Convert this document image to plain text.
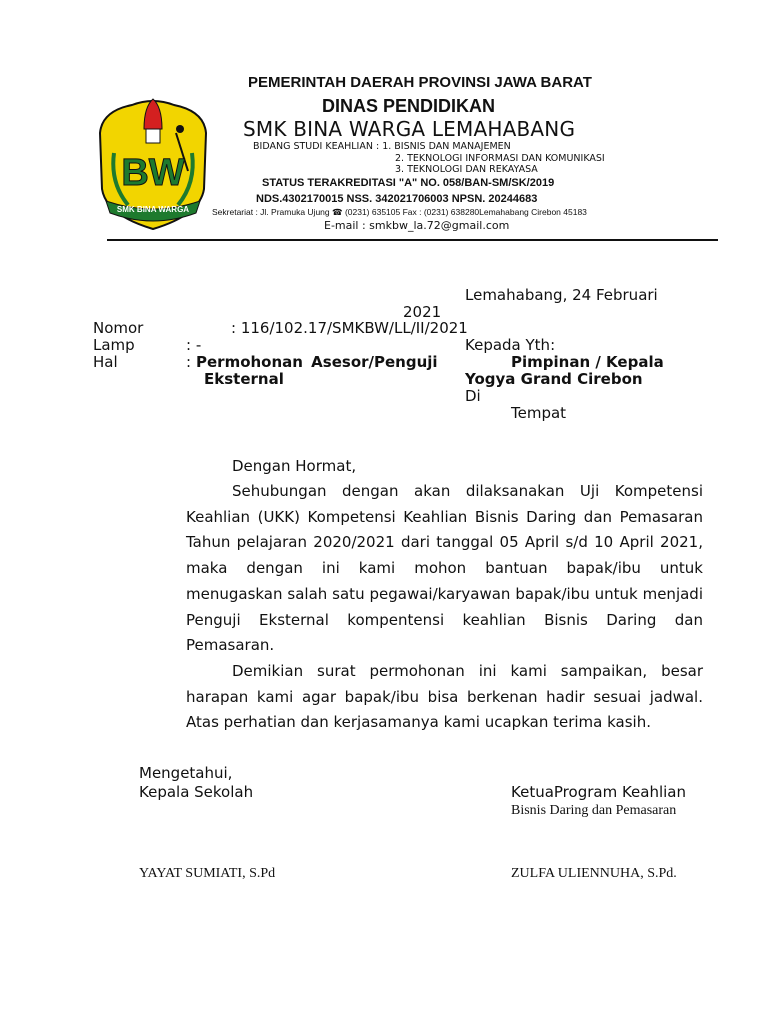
BW
SMK BINA WARGA
PEMERINTAH DAERAH PROVINSI JAWA BARAT
DINAS PENDIDIKAN
SMK BINA WARGA LEMAHABANG
BIDANG STUDI KEAHLIAN : 1. BISNIS DAN MANAJEMEN
2. TEKNOLOGI INFORMASI DAN KOMUNIKASI
3. TEKNOLOGI DAN REKAYASA
STATUS TERAKREDITASI "A" NO. 058/BAN-SM/SK/2019
NDS.4302170015 NSS. 342021706003 NPSN. 20244683
Sekretariat : Jl. Pramuka Ujung ☎ (0231) 635105 Fax : (0231) 638280Lemahabang Cirebon 45183
E-mail : smkbw_la.72@gmail.com
Lemahabang, 24 Februari
2021
Nomor	: 116/102.17/SMKBW/LL/II/2021
Lamp	: -
Hal	: Permohonan Asesor/Penguji
Eksternal
Kepada Yth:
Pimpinan / Kepala
Yogya Grand Cirebon
Di
Tempat
Dengan Hormat,

Sehubungan dengan akan dilaksanakan Uji Kompetensi Keahlian (UKK) Kompetensi Keahlian Bisnis Daring dan Pemasaran Tahun pelajaran 2020/2021 dari tanggal 05 April s/d 10 April 2021, maka dengan ini kami mohon bantuan bapak/ibu untuk menugaskan salah satu pegawai/karyawan bapak/ibu untuk menjadi Penguji Eksternal kompentensi keahlian Bisnis Daring dan Pemasaran.

Demikian surat permohonan ini kami sampaikan, besar harapan kami agar bapak/ibu bisa berkenan hadir sesuai jadwal. Atas perhatian dan kerjasamanya kami ucapkan terima kasih.

Mengetahui,
Kepala Sekolah	KetuaProgram Keahlian
Bisnis Daring dan Pemasaran
YAYAT SUMIATI, S.Pd	ZULFA ULIENNUHA, S.Pd.
